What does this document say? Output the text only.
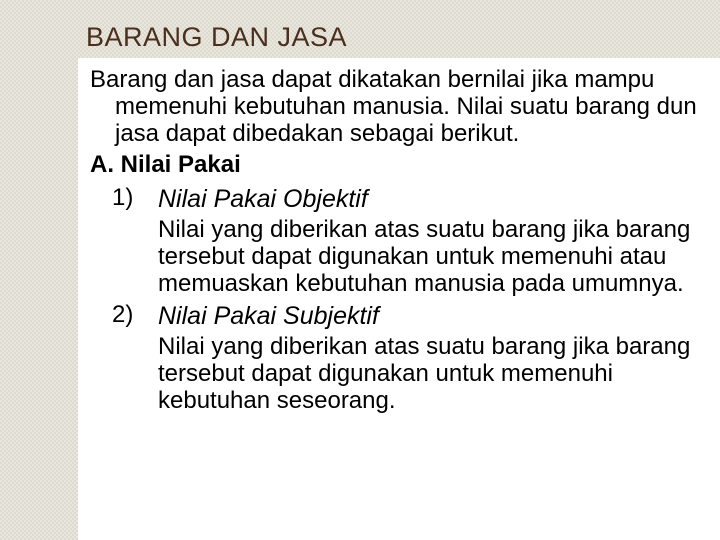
BARANG DAN JASA

Barang dan jasa dapat dikatakan bernilai jika mampu memenuhi kebutuhan manusia. Nilai suatu barang dun jasa dapat dibedakan sebagai berikut.

A. Nilai Pakai

1) Nilai Pakai Objektif

Nilai yang diberikan atas suatu barang jika barang tersebut dapat digunakan untuk memenuhi atau memuaskan kebutuhan manusia pada umumnya.

2) Nilai Pakai Subjektif

Nilai yang diberikan atas suatu barang jika barang tersebut dapat digunakan untuk memenuhi kebutuhan seseorang.
